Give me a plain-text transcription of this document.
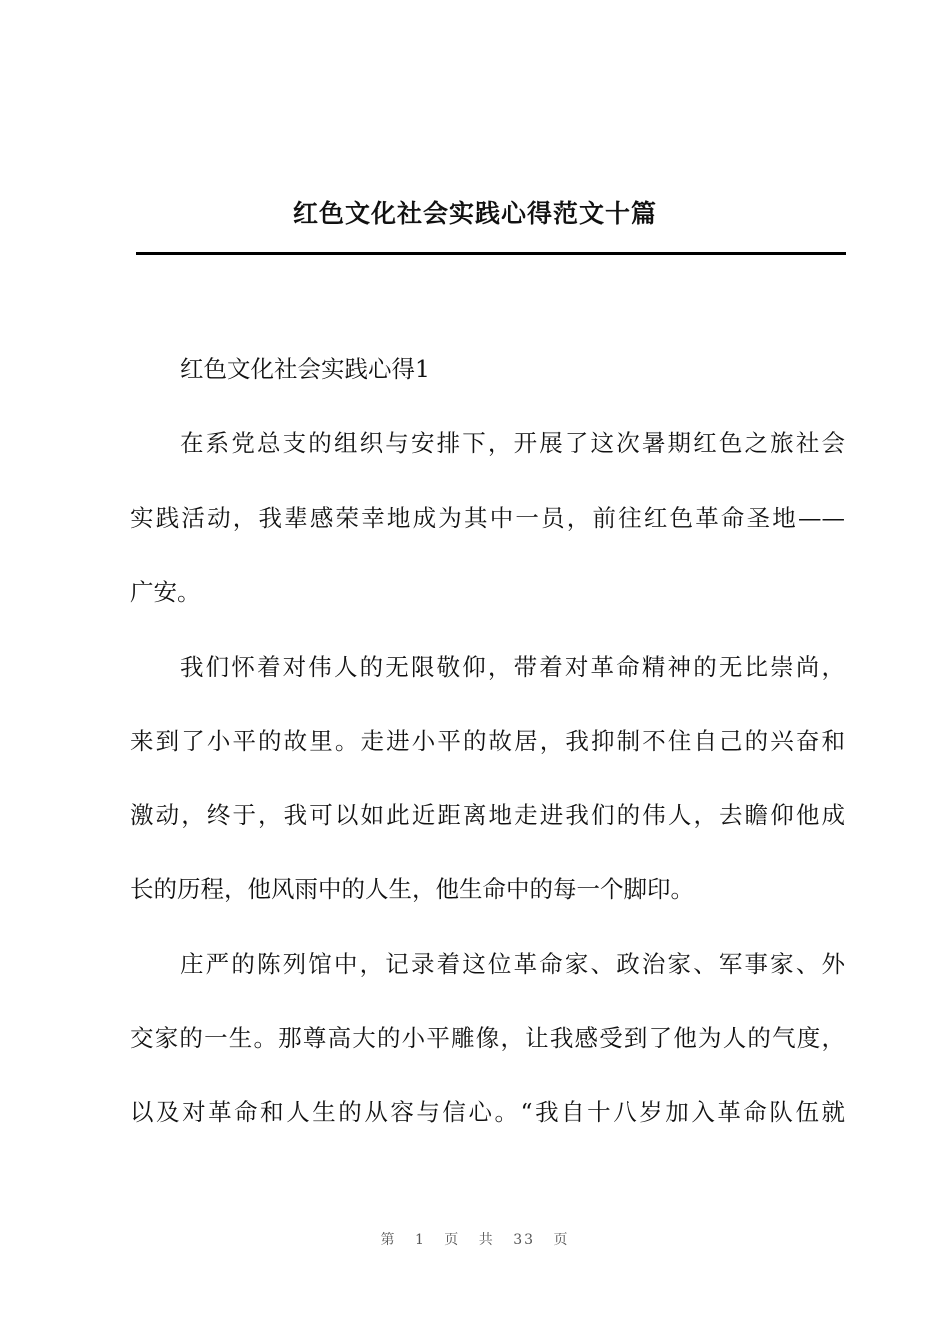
红色文化社会实践心得范文十篇
红色文化社会实践心得1
在系党总支的组织与安排下，开展了这次暑期红色之旅社会
实践活动，我辈感荣幸地成为其中一员，前往红色革命圣地——
广安。
我们怀着对伟人的无限敬仰，带着对革命精神的无比崇尚，
来到了小平的故里。走进小平的故居，我抑制不住自己的兴奋和
激动，终于，我可以如此近距离地走进我们的伟人，去瞻仰他成
长的历程，他风雨中的人生，他生命中的每一个脚印。
庄严的陈列馆中，记录着这位革命家、政治家、军事家、外
交家的一生。那尊高大的小平雕像，让我感受到了他为人的气度，
以及对革命和人生的从容与信心。“我自十八岁加入革命队伍就
第 1 页 共 33 页
